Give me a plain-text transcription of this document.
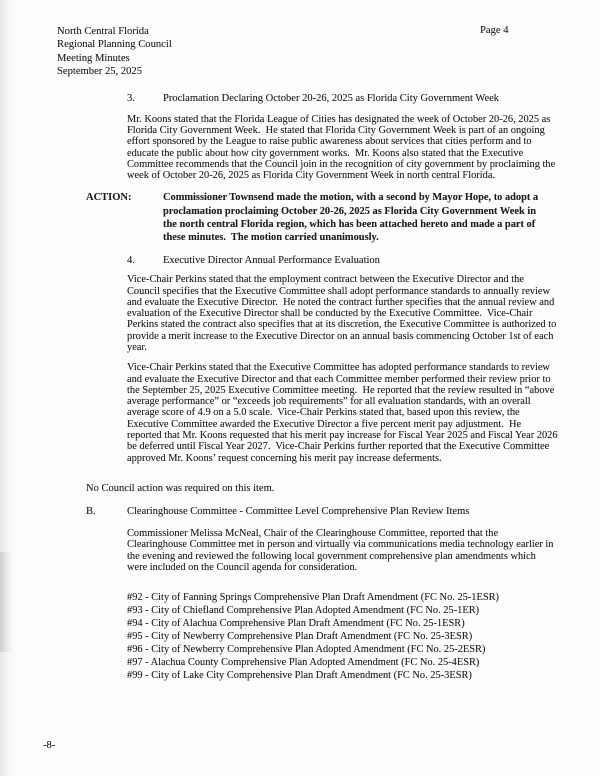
North Central Florida
Regional Planning Council
Meeting Minutes
September 25, 2025
Page 4
3.	Proclamation Declaring October 20-26, 2025 as Florida City Government Week
Mr. Koons stated that the Florida League of Cities has designated the week of October 20-26, 2025 as Florida City Government Week.  He stated that Florida City Government Week is part of an ongoing effort sponsored by the League to raise public awareness about services that cities perform and to educate the public about how city government works.  Mr. Koons also stated that the Executive Committee recommends that the Council join in the recognition of city government by proclaiming the week of October 20-26, 2025 as Florida City Government Week in north central Florida.
ACTION:	Commissioner Townsend made the motion, with a second by Mayor Hope, to adopt a proclamation proclaiming October 20-26, 2025 as Florida City Government Week in the north central Florida region, which has been attached hereto and made a part of these minutes.  The motion carried unanimously.
4.	Executive Director Annual Performance Evaluation
Vice-Chair Perkins stated that the employment contract between the Executive Director and the Council specifies that the Executive Committee shall adopt performance standards to annually review and evaluate the Executive Director.  He noted the contract further specifies that the annual review and evaluation of the Executive Director shall be conducted by the Executive Committee.  Vice-Chair Perkins stated the contract also specifies that at its discretion, the Executive Committee is authorized to provide a merit increase to the Executive Director on an annual basis commencing October 1st of each year.
Vice-Chair Perkins stated that the Executive Committee has adopted performance standards to review and evaluate the Executive Director and that each Committee member performed their review prior to the September 25, 2025 Executive Committee meeting.  He reported that the review resulted in “above average performance” or “exceeds job requirements” for all evaluation standards, with an overall average score of 4.9 on a 5.0 scale.  Vice-Chair Perkins stated that, based upon this review, the Executive Committee awarded the Executive Director a five percent merit pay adjustment.  He reported that Mr. Koons requested that his merit pay increase for Fiscal Year 2025 and Fiscal Year 2026 be deferred until Fiscal Year 2027.  Vice-Chair Perkins further reported that the Executive Committee approved Mr. Koons’ request concerning his merit pay increase deferments.
No Council action was required on this item.
B.	Clearinghouse Committee - Committee Level Comprehensive Plan Review Items
Commissioner Melissa McNeal, Chair of the Clearinghouse Committee, reported that the Clearinghouse Committee met in person and virtually via communications media technology earlier in the evening and reviewed the following local government comprehensive plan amendments which were included on the Council agenda for consideration.
#92 - City of Fanning Springs Comprehensive Plan Draft Amendment (FC No. 25-1ESR)
#93 - City of Chiefland Comprehensive Plan Adopted Amendment (FC No. 25-1ER)
#94 - City of Alachua Comprehensive Plan Draft Amendment (FC No. 25-1ESR)
#95 - City of Newberry Comprehensive Plan Draft Amendment (FC No. 25-3ESR)
#96 - City of Newberry Comprehensive Plan Adopted Amendment (FC No. 25-2ESR)
#97 - Alachua County Comprehensive Plan Adopted Amendment (FC No. 25-4ESR)
#99 - City of Lake City Comprehensive Plan Draft Amendment (FC No. 25-3ESR)
-8-
